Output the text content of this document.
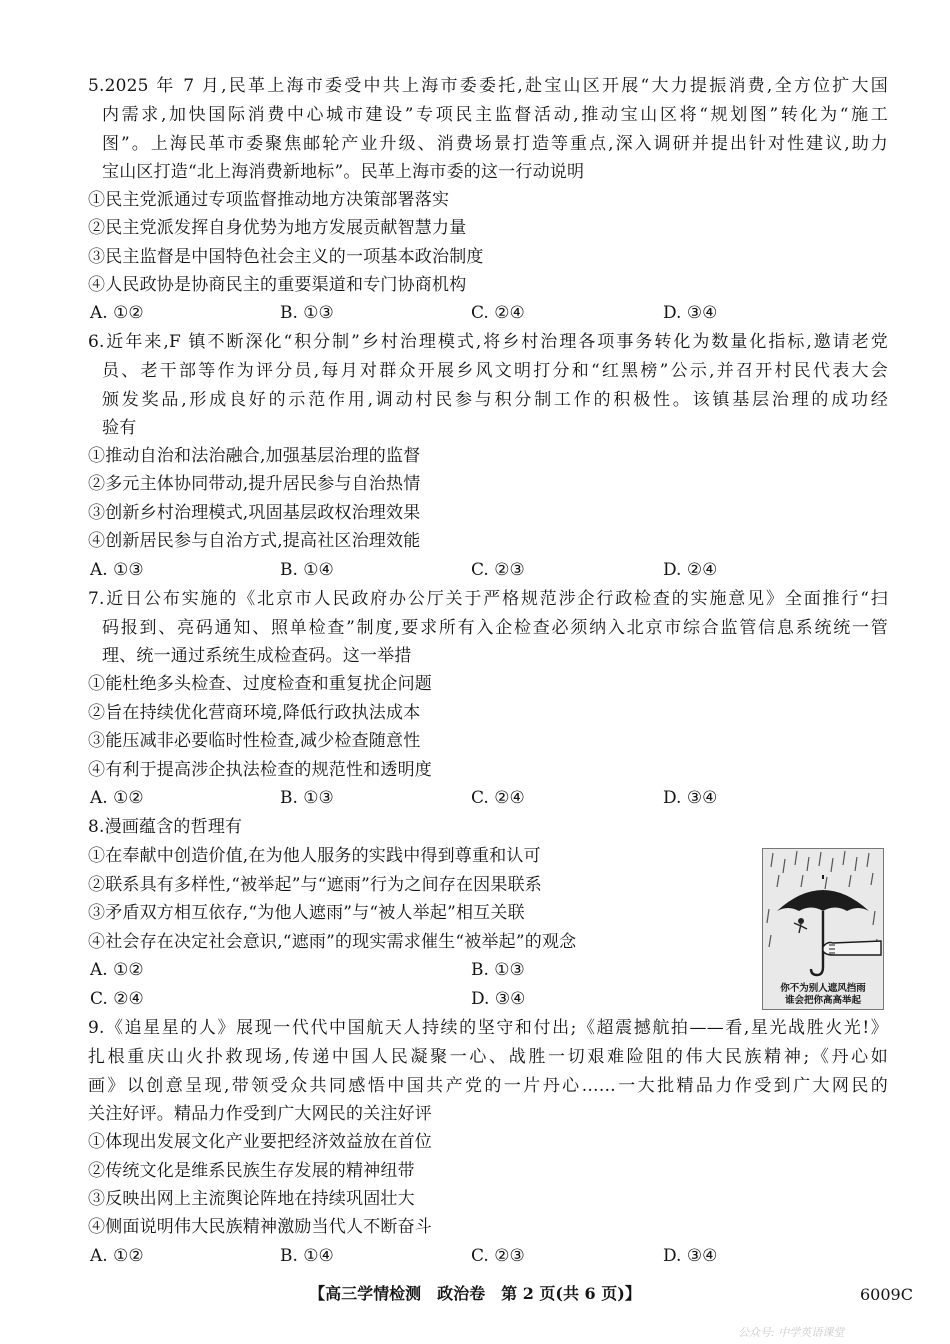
5.2025 年 7 月,民革上海市委受中共上海市委委托,赴宝山区开展“大力提振消费,全方位扩大国
内需求,加快国际消费中心城市建设”专项民主监督活动,推动宝山区将“规划图”转化为“施工
图”。上海民革市委聚焦邮轮产业升级、消费场景打造等重点,深入调研并提出针对性建议,助力
宝山区打造“北上海消费新地标”。民革上海市委的这一行动说明
①民主党派通过专项监督推动地方决策部署落实
②民主党派发挥自身优势为地方发展贡献智慧力量
③民主监督是中国特色社会主义的一项基本政治制度
④人民政协是协商民主的重要渠道和专门协商机构
A. ①②	B. ①③	C. ②④	D. ③④
6.近年来,F 镇不断深化“积分制”乡村治理模式,将乡村治理各项事务转化为数量化指标,邀请老党
员、老干部等作为评分员,每月对群众开展乡风文明打分和“红黑榜”公示,并召开村民代表大会
颁发奖品,形成良好的示范作用,调动村民参与积分制工作的积极性。该镇基层治理的成功经
验有
①推动自治和法治融合,加强基层治理的监督
②多元主体协同带动,提升居民参与自治热情
③创新乡村治理模式,巩固基层政权治理效果
④创新居民参与自治方式,提高社区治理效能
A. ①③	B. ①④	C. ②③	D. ②④
7.近日公布实施的《北京市人民政府办公厅关于严格规范涉企行政检查的实施意见》全面推行“扫
码报到、亮码通知、照单检查”制度,要求所有入企检查必须纳入北京市综合监管信息系统统一管
理、统一通过系统生成检查码。这一举措
①能杜绝多头检查、过度检查和重复扰企问题
②旨在持续优化营商环境,降低行政执法成本
③能压减非必要临时性检查,减少检查随意性
④有利于提高涉企执法检查的规范性和透明度
A. ①②	B. ①③	C. ②④	D. ③④
8.漫画蕴含的哲理有
①在奉献中创造价值,在为他人服务的实践中得到尊重和认可
②联系具有多样性,“被举起”与“遮雨”行为之间存在因果联系
③矛盾双方相互依存,“为他人遮雨”与“被人举起”相互关联
④社会存在决定社会意识,“遮雨”的现实需求催生“被举起”的观念
A. ①②	B. ①③
C. ②④	D. ③④
你不为别人遮风挡雨
谁会把你高高举起
9.《追星星的人》展现一代代中国航天人持续的坚守和付出;《超震撼航拍——看,星光战胜火光!》
扎根重庆山火扑救现场,传递中国人民凝聚一心、战胜一切艰难险阻的伟大民族精神;《丹心如
画》以创意呈现,带领受众共同感悟中国共产党的一片丹心……一大批精品力作受到广大网民的
关注好评。精品力作受到广大网民的关注好评
①体现出发展文化产业要把经济效益放在首位
②传统文化是维系民族生存发展的精神纽带
③反映出网上主流舆论阵地在持续巩固壮大
④侧面说明伟大民族精神激励当代人不断奋斗
A. ①②	B. ①④	C. ②③	D. ③④
【高三学情检测　政治卷　第 2 页(共 6 页)】	6009C
公众号: 中学英语课堂
